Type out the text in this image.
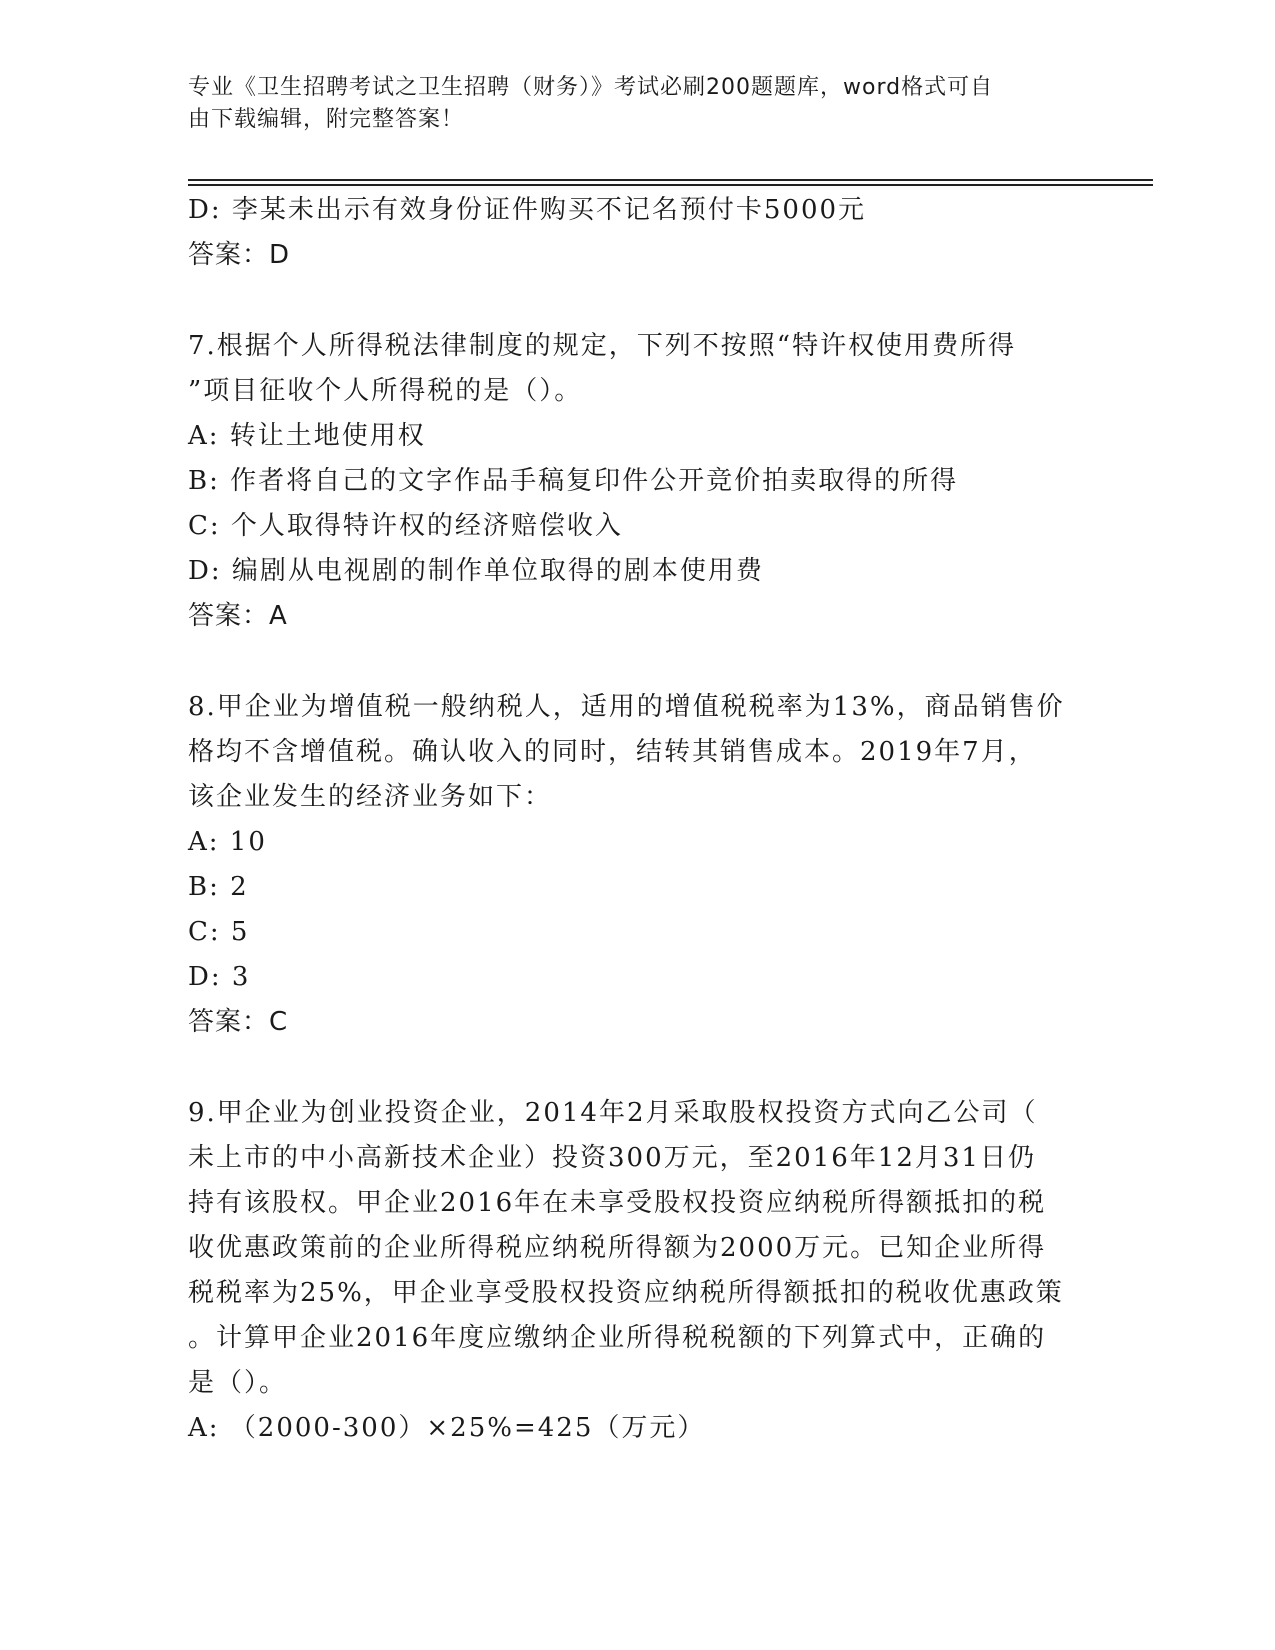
专业《卫生招聘考试之卫生招聘（财务）》考试必刷200题题库，word格式可自
由下载编辑，附完整答案！
D: 李某未出示有效身份证件购买不记名预付卡5000元
答案：D
7.根据个人所得税法律制度的规定，下列不按照“特许权使用费所得
”项目征收个人所得税的是（）。
A: 转让土地使用权
B: 作者将自己的文字作品手稿复印件公开竞价拍卖取得的所得
C: 个人取得特许权的经济赔偿收入
D: 编剧从电视剧的制作单位取得的剧本使用费
答案：A
8.甲企业为增值税一般纳税人，适用的增值税税率为13%，商品销售价
格均不含增值税。确认收入的同时，结转其销售成本。2019年7月，
该企业发生的经济业务如下：
A: 10
B: 2
C: 5
D: 3
答案：C
9.甲企业为创业投资企业，2014年2月采取股权投资方式向乙公司（
未上市的中小高新技术企业）投资300万元，至2016年12月31日仍
持有该股权。甲企业2016年在未享受股权投资应纳税所得额抵扣的税
收优惠政策前的企业所得税应纳税所得额为2000万元。已知企业所得
税税率为25%，甲企业享受股权投资应纳税所得额抵扣的税收优惠政策
。计算甲企业2016年度应缴纳企业所得税税额的下列算式中，正确的
是（）。
A: （2000-300）×25%=425（万元）
